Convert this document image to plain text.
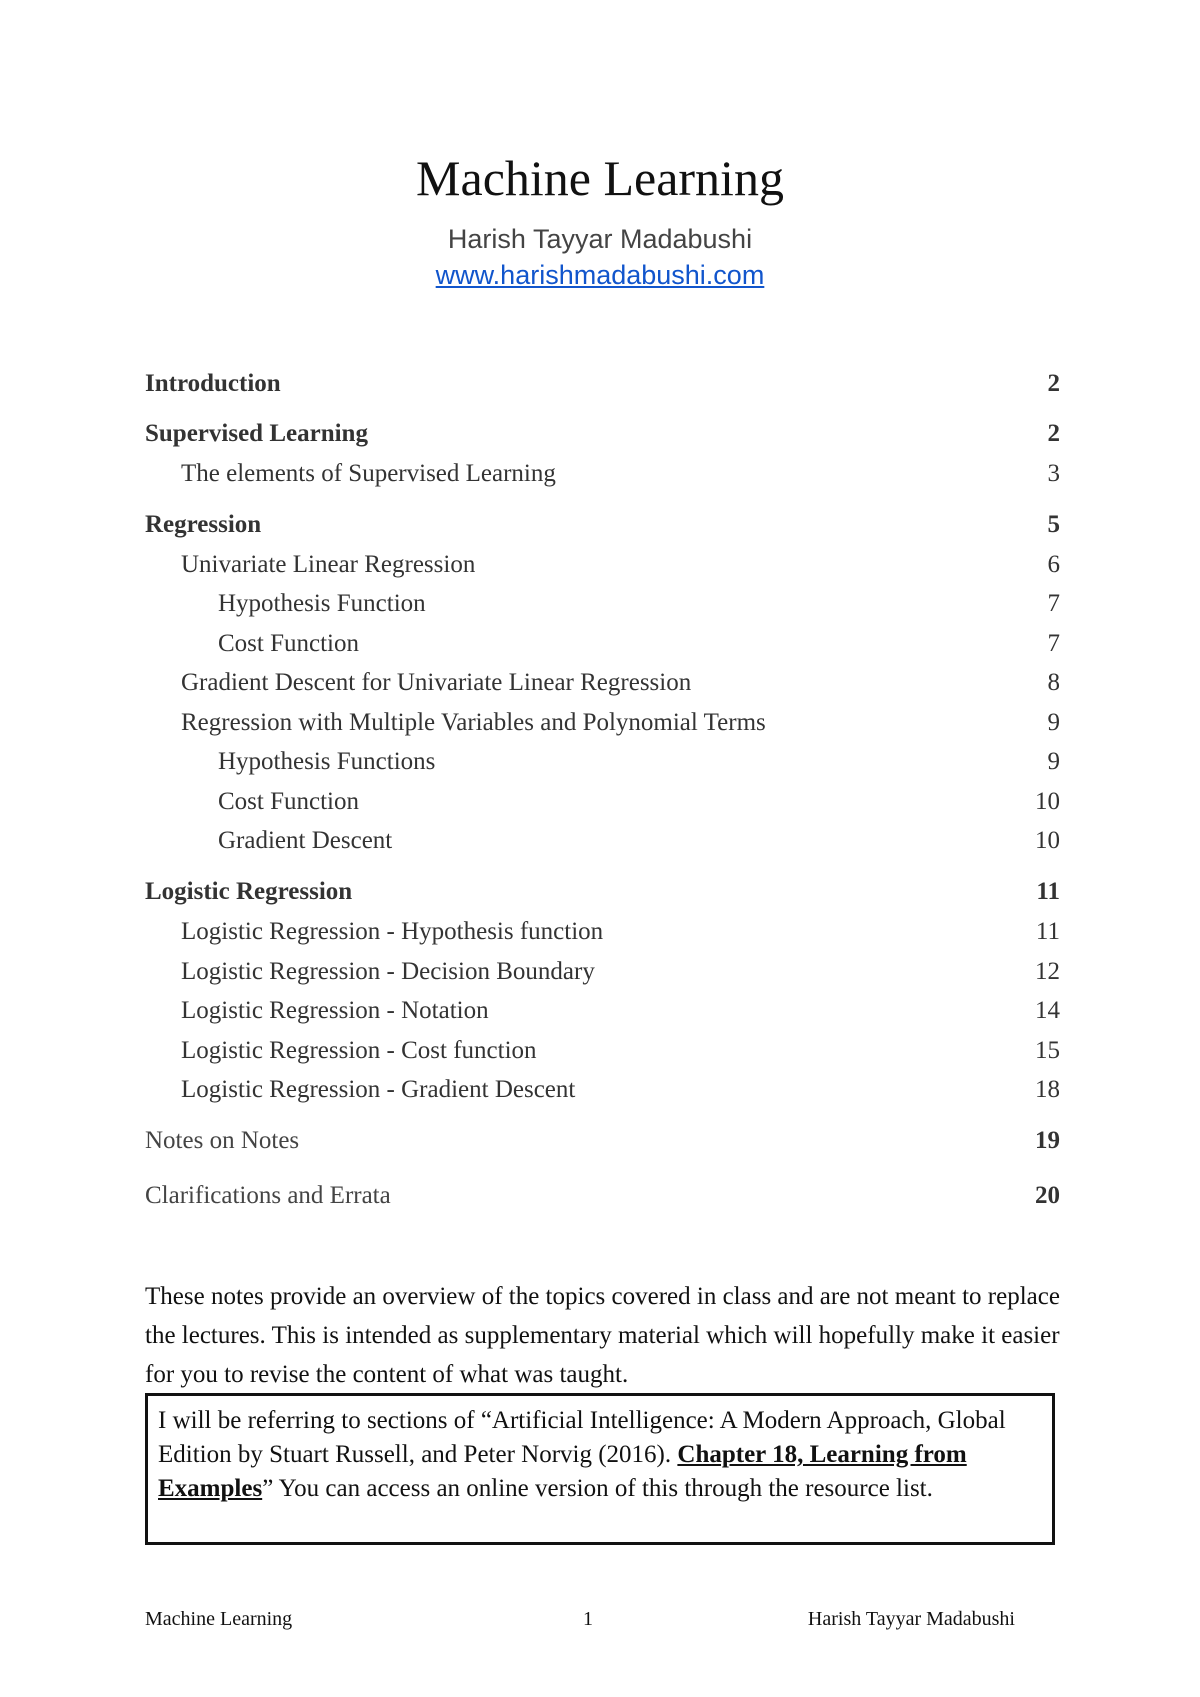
Machine Learning
Harish Tayyar Madabushi
www.harishmadabushi.com
Introduction	2
Supervised Learning	2
The elements of Supervised Learning	3
Regression	5
Univariate Linear Regression	6
Hypothesis Function	7
Cost Function	7
Gradient Descent for Univariate Linear Regression	8
Regression with Multiple Variables and Polynomial Terms	9
Hypothesis Functions	9
Cost Function	10
Gradient Descent	10
Logistic Regression	11
Logistic Regression - Hypothesis function	11
Logistic Regression - Decision Boundary	12
Logistic Regression - Notation	14
Logistic Regression - Cost function	15
Logistic Regression - Gradient Descent	18
Notes on Notes	19
Clarifications and Errata	20
These notes provide an overview of the topics covered in class and are not meant to replace the lectures. This is intended as supplementary material which will hopefully make it easier for you to revise the content of what was taught.
I will be referring to sections of “Artificial Intelligence: A Modern Approach, Global Edition by Stuart Russell, and Peter Norvig (2016). Chapter 18, Learning from Examples” You can access an online version of this through the resource list.
Machine Learning	1	Harish Tayyar Madabushi
